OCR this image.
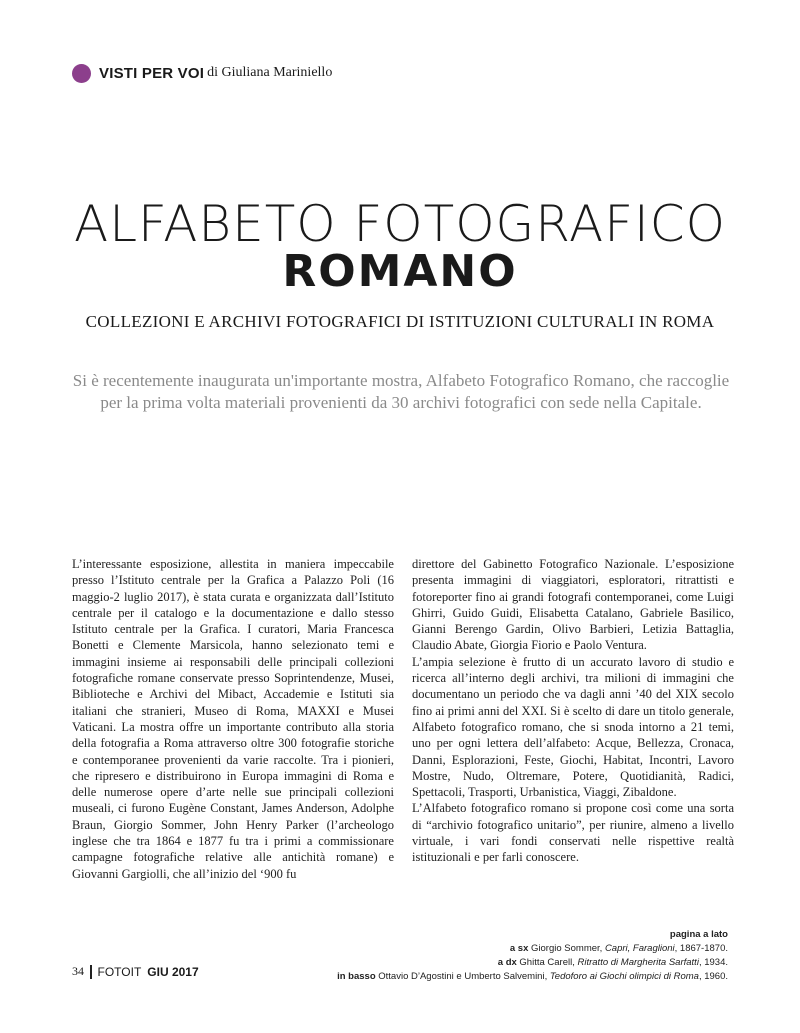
VISTI PER VOI di Giuliana Mariniello
ALFABETO FOTOGRAFICO
ROMANO
COLLEZIONI E ARCHIVI FOTOGRAFICI DI ISTITUZIONI CULTURALI IN ROMA
Si è recentemente inaugurata un'importante mostra, Alfabeto Fotografico Romano, che raccoglie
per la prima volta materiali provenienti da 30 archivi fotografici con sede nella Capitale.

L’interessante esposizione, allestita in maniera impeccabile presso l’Istituto centrale per la Grafica a Palazzo Poli (16 maggio-2 luglio 2017), è stata curata e organizzata dall’Istituto centrale per il catalogo e la documentazione e dallo stesso Istituto centrale per la Grafica. I curatori, Maria Francesca Bonetti e Clemente Marsicola, hanno selezionato temi e immagini insieme ai responsabili delle principali collezioni fotografiche romane conservate presso Soprintendenze, Musei, Biblioteche e Archivi del Mibact, Accademie e Istituti sia italiani che stranieri, Museo di Roma, MAXXI e Musei Vaticani. La mostra offre un importante contributo alla storia della fotografia a Roma attraverso oltre 300 fotografie storiche e contemporanee provenienti da varie raccolte. Tra i pionieri, che ripresero e distribuirono in Europa immagini di Roma e delle numerose opere d’arte nelle sue principali collezioni museali, ci furono Eugène Constant, James Anderson, Adolphe Braun, Giorgio Sommer, John Henry Parker (l’archeologo inglese che tra 1864 e 1877 fu tra i primi a commissionare campagne fotografiche relative alle antichità romane) e Giovanni Gargiolli, che all’inizio del ‘900 fu

direttore del Gabinetto Fotografico Nazionale. L’esposizione presenta immagini di viaggiatori, esploratori, ritrattisti e fotoreporter fino ai grandi fotografi contemporanei, come Luigi Ghirri, Guido Guidi, Elisabetta Catalano, Gabriele Basilico, Gianni Berengo Gardin, Olivo Barbieri, Letizia Battaglia, Claudio Abate, Giorgia Fiorio e Paolo Ventura.

L’ampia selezione è frutto di un accurato lavoro di studio e ricerca all’interno degli archivi, tra milioni di immagini che documentano un periodo che va dagli anni ’40 del XIX secolo fino ai primi anni del XXI. Si è scelto di dare un titolo generale, Alfabeto fotografico romano, che si snoda intorno a 21 temi, uno per ogni lettera dell’alfabeto: Acque, Bellezza, Cronaca, Danni, Esplorazioni, Feste, Giochi, Habitat, Incontri, Lavoro Mostre, Nudo, Oltremare, Potere, Quotidianità, Radici, Spettacoli, Trasporti, Urbanistica, Viaggi, Zibaldone.

L’Alfabeto fotografico romano si propone così come una sorta di “archivio fotografico unitario”, per riunire, almeno a livello virtuale, i vari fondi conservati nelle rispettive realtà istituzionali e per farli conoscere.

pagina a lato
a sx Giorgio Sommer, Capri, Faraglioni, 1867-1870.
a dx Ghitta Carell, Ritratto di Margherita Sarfatti, 1934.
in basso Ottavio D’Agostini e Umberto Salvemini, Tedoforo ai Giochi olimpici di Roma, 1960.
34 FOTOIT GIU 2017
